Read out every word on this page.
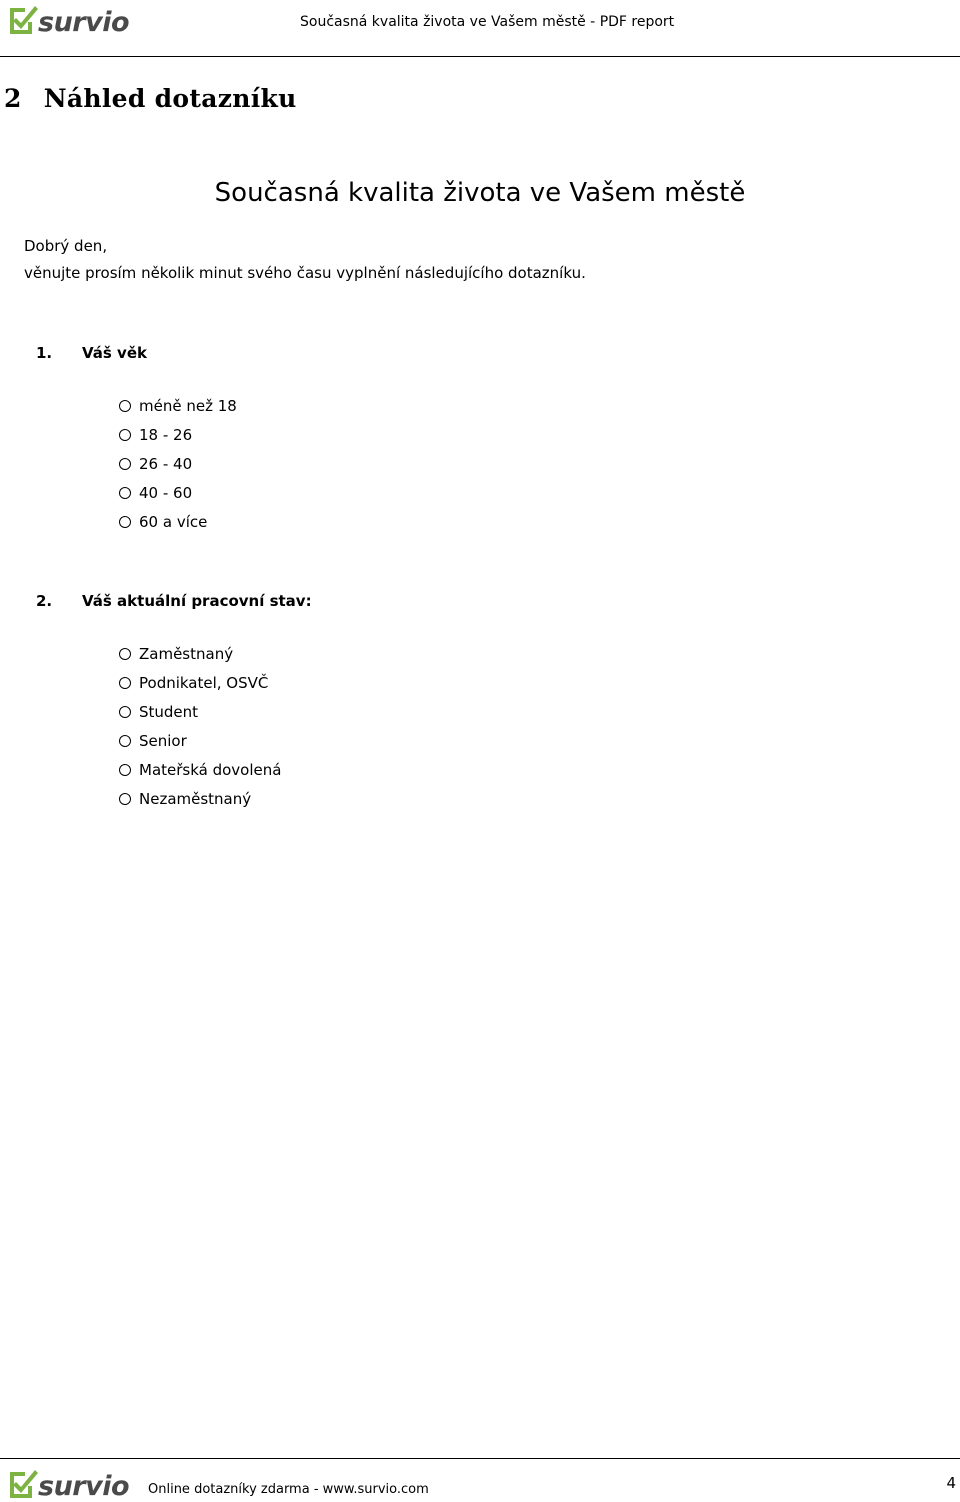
survio	Současná kvalita života ve Vašem městě - PDF report
2 Náhled dotazníku
Současná kvalita života ve Vašem městě
Dobrý den,
věnujte prosím několik minut svého času vyplnění následujícího dotazníku.
1.	Váš věk
méně než 18
18 - 26
26 - 40
40 - 60
60 a více
2.	Váš aktuální pracovní stav:
Zaměstnaný
Podnikatel, OSVČ
Student
Senior
Mateřská dovolená
Nezaměstnaný
survio Online dotazníky zdarma - www.survio.com	4
